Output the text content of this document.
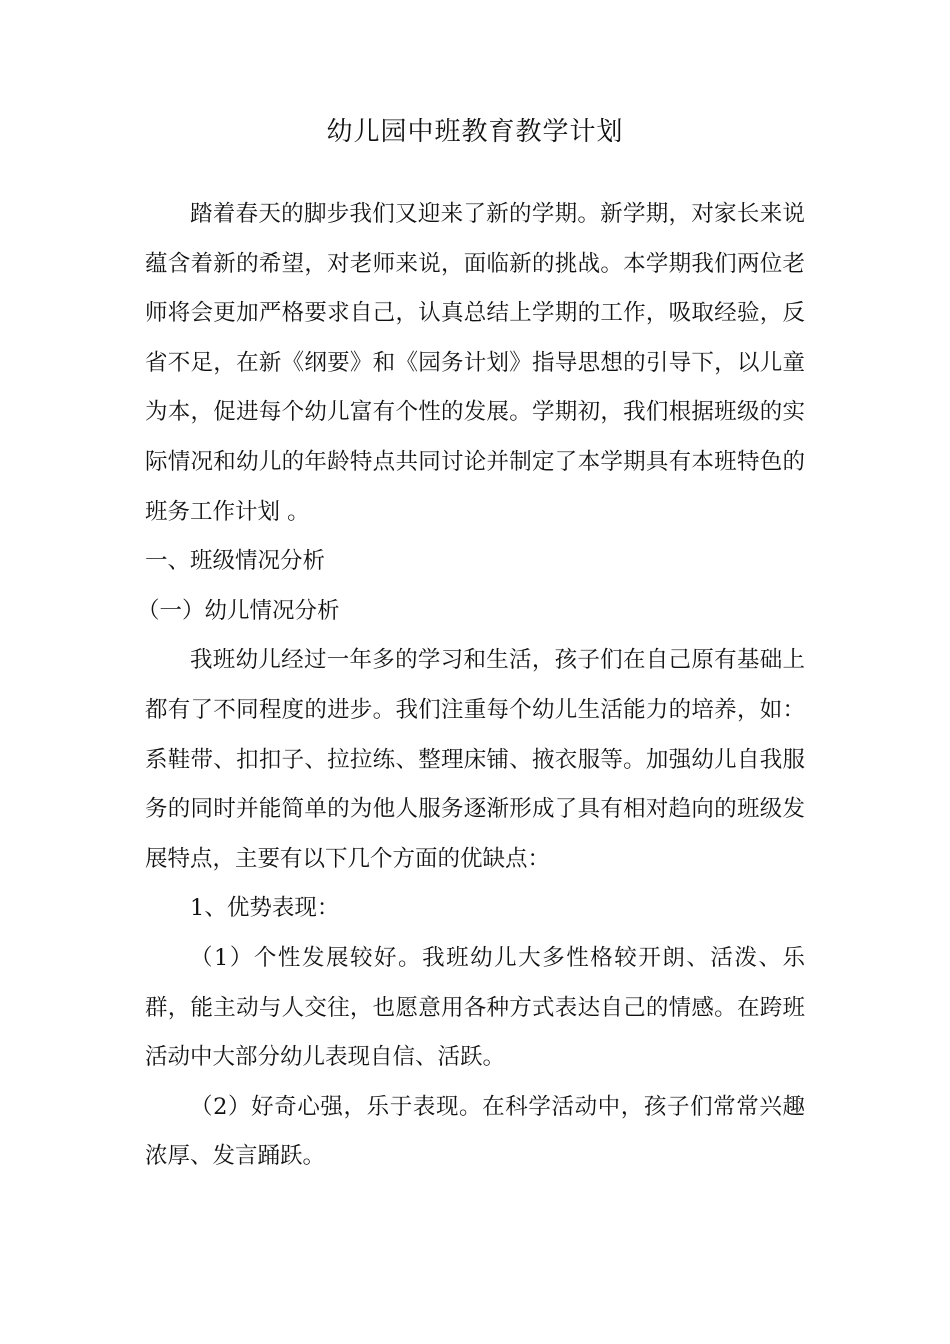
幼儿园中班教育教学计划

踏着春天的脚步我们又迎来了新的学期。新学期，对家长来说蕴含着新的希望，对老师来说，面临新的挑战。本学期我们两位老师将会更加严格要求自己，认真总结上学期的工作，吸取经验，反省不足，在新《纲要》和《园务计划》指导思想的引导下，以儿童为本，促进每个幼儿富有个性的发展。学期初，我们根据班级的实际情况和幼儿的年龄特点共同讨论并制定了本学期具有本班特色的班务工作计划 。

一、班级情况分析

（一）幼儿情况分析

我班幼儿经过一年多的学习和生活，孩子们在自己原有基础上都有了不同程度的进步。我们注重每个幼儿生活能力的培养，如：系鞋带、扣扣子、拉拉练、整理床铺、掖衣服等。加强幼儿自我服务的同时并能简单的为他人服务逐渐形成了具有相对趋向的班级发展特点，主要有以下几个方面的优缺点：

1、优势表现：

（1）个性发展较好。我班幼儿大多性格较开朗、活泼、乐群，能主动与人交往，也愿意用各种方式表达自己的情感。在跨班活动中大部分幼儿表现自信、活跃。

（2）好奇心强，乐于表现。在科学活动中，孩子们常常兴趣浓厚、发言踊跃。
